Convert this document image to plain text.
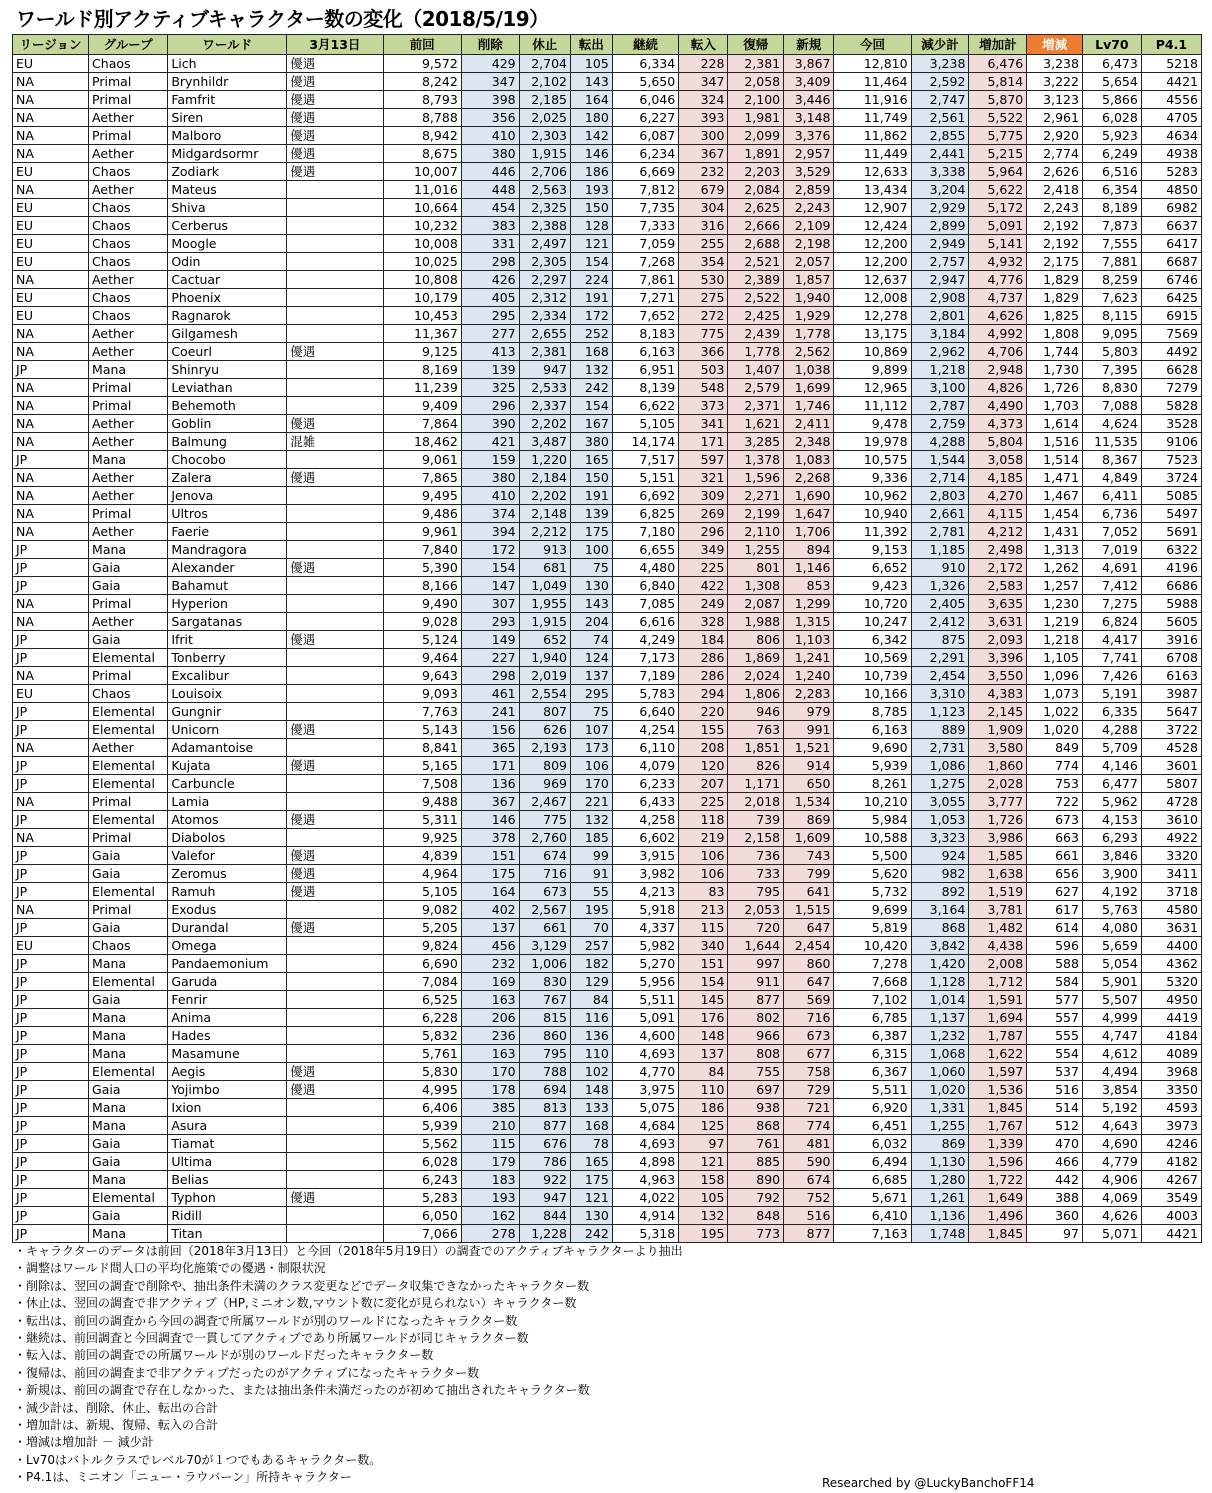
ワールド別アクティブキャラクター数の変化（2018/5/19）
リージョン	グループ	ワールド	3月13日	前回	削除	休止	転出	継続	転入	復帰	新規	今回	減少計	増加計	増減	Lv70	P4.1
EU	Chaos	Lich	優遇	9,572	429	2,704	105	6,334	228	2,381	3,867	12,810	3,238	6,476	3,238	6,473	5218
NA	Primal	Brynhildr	優遇	8,242	347	2,102	143	5,650	347	2,058	3,409	11,464	2,592	5,814	3,222	5,654	4421
NA	Primal	Famfrit	優遇	8,793	398	2,185	164	6,046	324	2,100	3,446	11,916	2,747	5,870	3,123	5,866	4556
NA	Aether	Siren	優遇	8,788	356	2,025	180	6,227	393	1,981	3,148	11,749	2,561	5,522	2,961	6,028	4705
NA	Primal	Malboro	優遇	8,942	410	2,303	142	6,087	300	2,099	3,376	11,862	2,855	5,775	2,920	5,923	4634
NA	Aether	Midgardsormr	優遇	8,675	380	1,915	146	6,234	367	1,891	2,957	11,449	2,441	5,215	2,774	6,249	4938
EU	Chaos	Zodiark	優遇	10,007	446	2,706	186	6,669	232	2,203	3,529	12,633	3,338	5,964	2,626	6,516	5283
NA	Aether	Mateus		11,016	448	2,563	193	7,812	679	2,084	2,859	13,434	3,204	5,622	2,418	6,354	4850
EU	Chaos	Shiva		10,664	454	2,325	150	7,735	304	2,625	2,243	12,907	2,929	5,172	2,243	8,189	6982
EU	Chaos	Cerberus		10,232	383	2,388	128	7,333	316	2,666	2,109	12,424	2,899	5,091	2,192	7,873	6637
EU	Chaos	Moogle		10,008	331	2,497	121	7,059	255	2,688	2,198	12,200	2,949	5,141	2,192	7,555	6417
EU	Chaos	Odin		10,025	298	2,305	154	7,268	354	2,521	2,057	12,200	2,757	4,932	2,175	7,881	6687
NA	Aether	Cactuar		10,808	426	2,297	224	7,861	530	2,389	1,857	12,637	2,947	4,776	1,829	8,259	6746
EU	Chaos	Phoenix		10,179	405	2,312	191	7,271	275	2,522	1,940	12,008	2,908	4,737	1,829	7,623	6425
EU	Chaos	Ragnarok		10,453	295	2,334	172	7,652	272	2,425	1,929	12,278	2,801	4,626	1,825	8,115	6915
NA	Aether	Gilgamesh		11,367	277	2,655	252	8,183	775	2,439	1,778	13,175	3,184	4,992	1,808	9,095	7569
NA	Aether	Coeurl	優遇	9,125	413	2,381	168	6,163	366	1,778	2,562	10,869	2,962	4,706	1,744	5,803	4492
JP	Mana	Shinryu		8,169	139	947	132	6,951	503	1,407	1,038	9,899	1,218	2,948	1,730	7,395	6628
NA	Primal	Leviathan		11,239	325	2,533	242	8,139	548	2,579	1,699	12,965	3,100	4,826	1,726	8,830	7279
NA	Primal	Behemoth		9,409	296	2,337	154	6,622	373	2,371	1,746	11,112	2,787	4,490	1,703	7,088	5828
NA	Aether	Goblin	優遇	7,864	390	2,202	167	5,105	341	1,621	2,411	9,478	2,759	4,373	1,614	4,624	3528
NA	Aether	Balmung	混雑	18,462	421	3,487	380	14,174	171	3,285	2,348	19,978	4,288	5,804	1,516	11,535	9106
JP	Mana	Chocobo		9,061	159	1,220	165	7,517	597	1,378	1,083	10,575	1,544	3,058	1,514	8,367	7523
NA	Aether	Zalera	優遇	7,865	380	2,184	150	5,151	321	1,596	2,268	9,336	2,714	4,185	1,471	4,849	3724
NA	Aether	Jenova		9,495	410	2,202	191	6,692	309	2,271	1,690	10,962	2,803	4,270	1,467	6,411	5085
NA	Primal	Ultros		9,486	374	2,148	139	6,825	269	2,199	1,647	10,940	2,661	4,115	1,454	6,736	5497
NA	Aether	Faerie		9,961	394	2,212	175	7,180	296	2,110	1,706	11,392	2,781	4,212	1,431	7,052	5691
JP	Mana	Mandragora		7,840	172	913	100	6,655	349	1,255	894	9,153	1,185	2,498	1,313	7,019	6322
JP	Gaia	Alexander	優遇	5,390	154	681	75	4,480	225	801	1,146	6,652	910	2,172	1,262	4,691	4196
JP	Gaia	Bahamut		8,166	147	1,049	130	6,840	422	1,308	853	9,423	1,326	2,583	1,257	7,412	6686
NA	Primal	Hyperion		9,490	307	1,955	143	7,085	249	2,087	1,299	10,720	2,405	3,635	1,230	7,275	5988
NA	Aether	Sargatanas		9,028	293	1,915	204	6,616	328	1,988	1,315	10,247	2,412	3,631	1,219	6,824	5605
JP	Gaia	Ifrit	優遇	5,124	149	652	74	4,249	184	806	1,103	6,342	875	2,093	1,218	4,417	3916
JP	Elemental	Tonberry		9,464	227	1,940	124	7,173	286	1,869	1,241	10,569	2,291	3,396	1,105	7,741	6708
NA	Primal	Excalibur		9,643	298	2,019	137	7,189	286	2,024	1,240	10,739	2,454	3,550	1,096	7,426	6163
EU	Chaos	Louisoix		9,093	461	2,554	295	5,783	294	1,806	2,283	10,166	3,310	4,383	1,073	5,191	3987
JP	Elemental	Gungnir		7,763	241	807	75	6,640	220	946	979	8,785	1,123	2,145	1,022	6,335	5647
JP	Elemental	Unicorn	優遇	5,143	156	626	107	4,254	155	763	991	6,163	889	1,909	1,020	4,288	3722
NA	Aether	Adamantoise		8,841	365	2,193	173	6,110	208	1,851	1,521	9,690	2,731	3,580	849	5,709	4528
JP	Elemental	Kujata	優遇	5,165	171	809	106	4,079	120	826	914	5,939	1,086	1,860	774	4,146	3601
JP	Elemental	Carbuncle		7,508	136	969	170	6,233	207	1,171	650	8,261	1,275	2,028	753	6,477	5807
NA	Primal	Lamia		9,488	367	2,467	221	6,433	225	2,018	1,534	10,210	3,055	3,777	722	5,962	4728
JP	Elemental	Atomos	優遇	5,311	146	775	132	4,258	118	739	869	5,984	1,053	1,726	673	4,153	3610
NA	Primal	Diabolos		9,925	378	2,760	185	6,602	219	2,158	1,609	10,588	3,323	3,986	663	6,293	4922
JP	Gaia	Valefor	優遇	4,839	151	674	99	3,915	106	736	743	5,500	924	1,585	661	3,846	3320
JP	Gaia	Zeromus	優遇	4,964	175	716	91	3,982	106	733	799	5,620	982	1,638	656	3,900	3411
JP	Elemental	Ramuh	優遇	5,105	164	673	55	4,213	83	795	641	5,732	892	1,519	627	4,192	3718
NA	Primal	Exodus		9,082	402	2,567	195	5,918	213	2,053	1,515	9,699	3,164	3,781	617	5,763	4580
JP	Gaia	Durandal	優遇	5,205	137	661	70	4,337	115	720	647	5,819	868	1,482	614	4,080	3631
EU	Chaos	Omega		9,824	456	3,129	257	5,982	340	1,644	2,454	10,420	3,842	4,438	596	5,659	4400
JP	Mana	Pandaemonium		6,690	232	1,006	182	5,270	151	997	860	7,278	1,420	2,008	588	5,054	4362
JP	Elemental	Garuda		7,084	169	830	129	5,956	154	911	647	7,668	1,128	1,712	584	5,901	5320
JP	Gaia	Fenrir		6,525	163	767	84	5,511	145	877	569	7,102	1,014	1,591	577	5,507	4950
JP	Mana	Anima		6,228	206	815	116	5,091	176	802	716	6,785	1,137	1,694	557	4,999	4419
JP	Mana	Hades		5,832	236	860	136	4,600	148	966	673	6,387	1,232	1,787	555	4,747	4184
JP	Mana	Masamune		5,761	163	795	110	4,693	137	808	677	6,315	1,068	1,622	554	4,612	4089
JP	Elemental	Aegis	優遇	5,830	170	788	102	4,770	84	755	758	6,367	1,060	1,597	537	4,494	3968
JP	Gaia	Yojimbo	優遇	4,995	178	694	148	3,975	110	697	729	5,511	1,020	1,536	516	3,854	3350
JP	Mana	Ixion		6,406	385	813	133	5,075	186	938	721	6,920	1,331	1,845	514	5,192	4593
JP	Mana	Asura		5,939	210	877	168	4,684	125	868	774	6,451	1,255	1,767	512	4,643	3973
JP	Gaia	Tiamat		5,562	115	676	78	4,693	97	761	481	6,032	869	1,339	470	4,690	4246
JP	Gaia	Ultima		6,028	179	786	165	4,898	121	885	590	6,494	1,130	1,596	466	4,779	4182
JP	Mana	Belias		6,243	183	922	175	4,963	158	890	674	6,685	1,280	1,722	442	4,906	4267
JP	Elemental	Typhon	優遇	5,283	193	947	121	4,022	105	792	752	5,671	1,261	1,649	388	4,069	3549
JP	Gaia	Ridill		6,050	162	844	130	4,914	132	848	516	6,410	1,136	1,496	360	4,626	4003
JP	Mana	Titan		7,066	278	1,228	242	5,318	195	773	877	7,163	1,748	1,845	97	5,071	4421
・キャラクターのデータは前回（2018年3月13日）と今回（2018年5月19日）の調査でのアクティブキャラクターより抽出
・調整はワールド間人口の平均化施策での優遇・制限状況
・削除は、翌回の調査で削除や、抽出条件未満のクラス変更などでデータ収集できなかったキャラクター数
・休止は、翌回の調査で非アクティブ（HP,ミニオン数,マウント数に変化が見られない）キャラクター数
・転出は、前回の調査から今回の調査で所属ワールドが別のワールドになったキャラクター数
・継続は、前回調査と今回調査で一貫してアクティブであり所属ワールドが同じキャラクター数
・転入は、前回の調査での所属ワールドが別のワールドだったキャラクター数
・復帰は、前回の調査まで非アクティブだったのがアクティブになったキャラクター数
・新規は、前回の調査で存在しなかった、または抽出条件未満だったのが初めて抽出されたキャラクター数
・減少計は、削除、休止、転出の合計
・増加計は、新規、復帰、転入の合計
・増減は増加計 － 減少計
・Lv70はバトルクラスでレベル70が１つでもあるキャラクター数。
・P4.1は、ミニオン「ニュー・ラウバーン」所持キャラクター	Researched by @LuckyBanchoFF14
